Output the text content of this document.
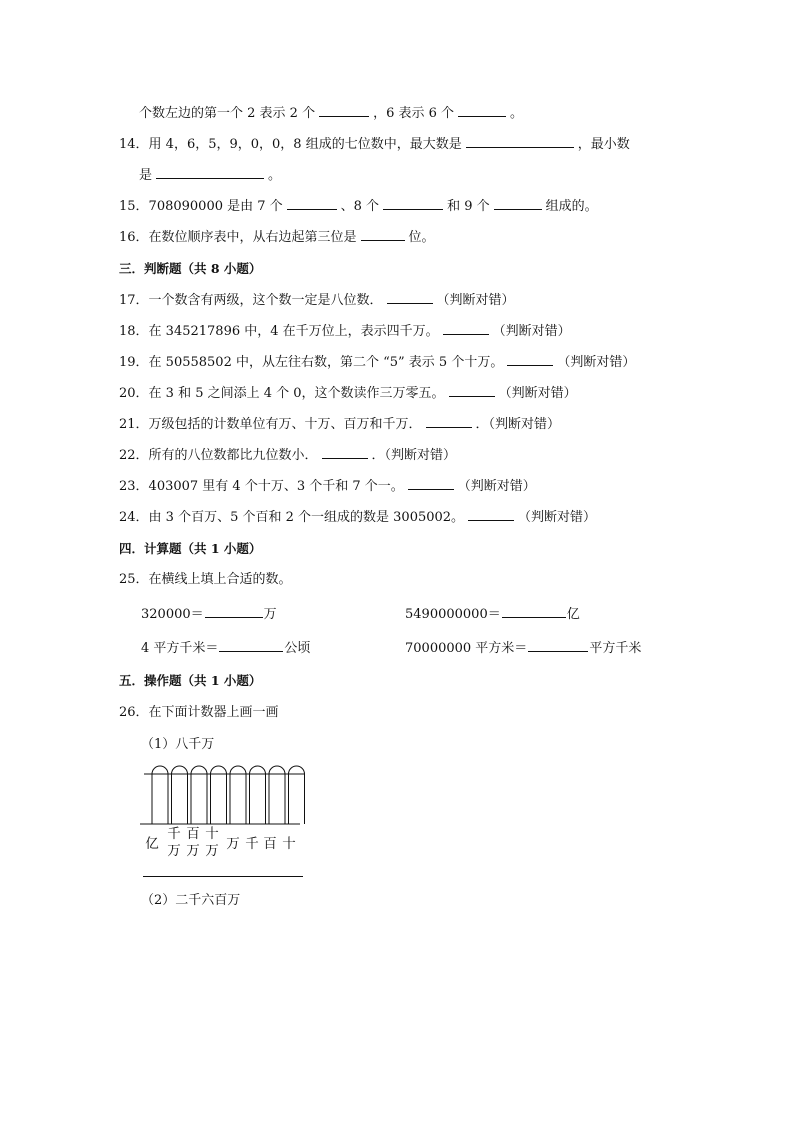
个数左边的第一个 2 表示 2 个	，6 表示 6 个	。
14．用 4，6，5，9，0，0，8 组成的七位数中，最大数是	，最小数
是	。
15．708090000 是由 7 个	、8 个	和 9 个	组成的。
16．在数位顺序表中，从右边起第三位是	位。
三．判断题（共 8 小题）
17．一个数含有两级，这个数一定是八位数．	（判断对错）
18．在 345217896 中，4 在千万位上，表示四千万。	（判断对错）
19．在 50558502 中，从左往右数，第二个 “5” 表示 5 个十万。	（判断对错）
20．在 3 和 5 之间添上 4 个 0，这个数读作三万零五。	（判断对错）
21．万级包括的计数单位有万、十万、百万和千万．	．（判断对错）
22．所有的八位数都比九位数小．	．（判断对错）
23．403007 里有 4 个十万、3 个千和 7 个一。	（判断对错）
24．由 3 个百万、5 个百和 2 个一组成的数是 3005002。	（判断对错）
四．计算题（共 1 小题）
25．在横线上填上合适的数。
320000＝	万	5490000000＝	亿
4 平方千米＝	公顷	70000000 平方米＝	平方千米
五．操作题（共 1 小题）
26．在下面计数器上画一画
（1）八千万
亿
千
万
百
万
十
万 万 千 百 十
（2）二千六百万
